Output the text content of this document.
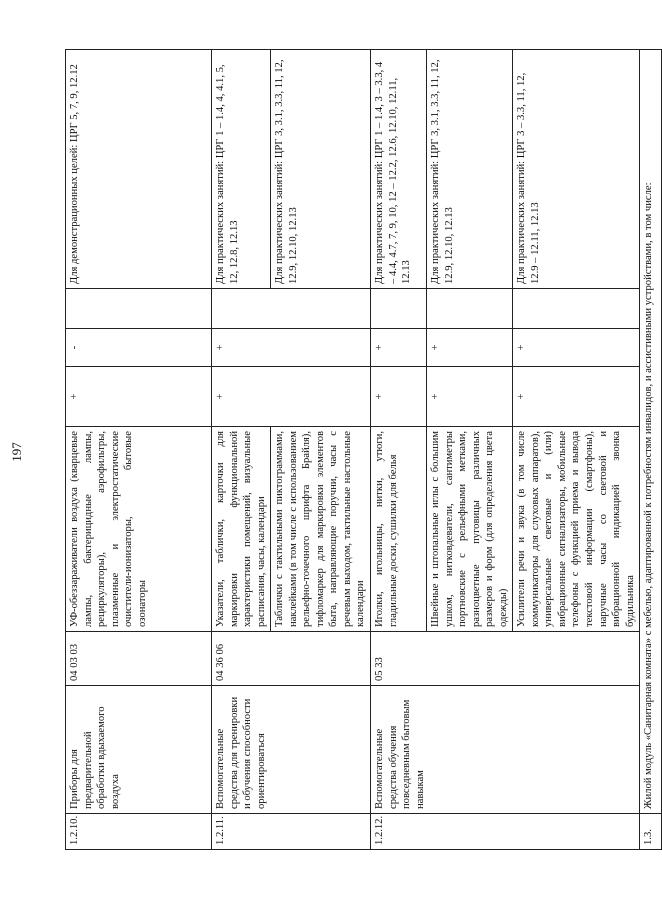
1.2.10.	Приборы для предварительной обработки вдыхаемого воздуха	04 03 03	УФ-обеззараживатели воздуха (кварцевые лампы, бактерицидные лампы, рециркуляторы), аэрофильтры, плазменные и электростатические очистители-ионизаторы, бытовые озонаторы	+	-		Для демонстрационных целей: ЦРГ 5, 7, 9, 12.12
1.2.11.	Вспомогательные средства для тренировки и обучения способности ориентироваться	04 36 06	Указатели, таблички, карточки для маркировки функциональной характеристики помещений, визуальные расписания, часы, календари	+	+		Для практических занятий: ЦРГ 1 – 1.4, 4, 4.1, 5, 12, 12.8, 12.13
			Таблички с тактильными пиктограммами, наклейками (в том числе с использованием рельефно-точечного шрифта Брайля), тифломаркер для маркировки элементов быта, направляющие поручни, часы с речевым выходом, тактильные настольные календари				Для практических занятий: ЦРГ 3, 3.1, 3.3, 11, 12, 12.9, 12.10, 12.13
1.2.12.	Вспомогательные средства обучения повседневным бытовым навыкам	05 33	Иголки, игольницы, нитки, утюги, гладильные доски, сушилки для белья	+	+		Для практических занятий: ЦРГ 1 – 1.4, 3 – 3.3, 4 – 4.4, 4.7, 7, 9, 10, 12 – 12.2, 12.6, 12.10, 12.11, 12.13
			Швейные и штопальные иглы с большим ушком, нитковдеватели, сантиметры портновские с рельефными метками, разноцветные пуговицы различных размеров и форм (для определения цвета одежды)	+	+		Для практических занятий: ЦРГ 3, 3.1, 3.3, 11, 12, 12.9, 12.10, 12.13
			Усилители речи и звука (в том числе коммуникаторы для слуховых аппаратов), универсальные световые и (или) вибрационные сигнализаторы, мобильные телефоны с функцией приема и вывода текстовой информации (смартфоны), наручные часы со световой и вибрационной индикацией звонка будильника	+	+		Для практических занятий: ЦРГ 3 – 3.3, 11, 12, 12.9 – 12.11, 12.13
1.3.	Жилой модуль «Санитарная комната» с мебелью, адаптированной к потребностям инвалидов, и ассистивными устройствами, в том числе:						
197
